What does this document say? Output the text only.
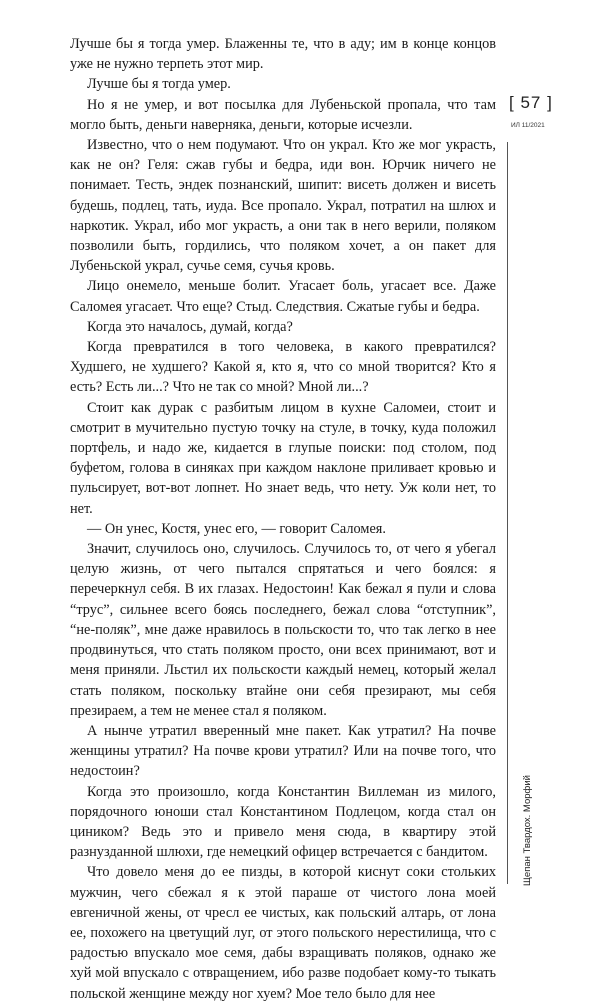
Лучше бы я тогда умер. Блаженны те, что в аду; им в конце концов уже не нужно терпеть этот мир.

Лучше бы я тогда умер.

Но я не умер, и вот посылка для Лубеньской пропала, что там могло быть, деньги наверняка, деньги, которые исчезли.

Известно, что о нем подумают. Что он украл. Кто же мог украсть, как не он? Геля: сжав губы и бедра, иди вон. Юрчик ничего не понимает. Тесть, эндек познанский, шипит: висеть должен и висеть будешь, подлец, тать, иуда. Все пропало. Украл, потратил на шлюх и наркотик. Украл, ибо мог украсть, а они так в него верили, поляком позволили быть, гордились, что поляком хочет, а он пакет для Лубеньской украл, сучье семя, сучья кровь.

Лицо онемело, меньше болит. Угасает боль, угасает все. Даже Саломея угасает. Что еще? Стыд. Следствия. Сжатые губы и бедра.

Когда это началось, думай, когда?

Когда превратился в того человека, в какого превратился? Худшего, не худшего? Какой я, кто я, что со мной творится? Кто я есть? Есть ли...? Что не так со мной? Мной ли...?

Стоит как дурак с разбитым лицом в кухне Саломеи, стоит и смотрит в мучительно пустую точку на стуле, в точку, куда положил портфель, и надо же, кидается в глупые поиски: под столом, под буфетом, голова в синяках при каждом наклоне приливает кровью и пульсирует, вот-вот лопнет. Но знает ведь, что нету. Уж коли нет, то нет.

— Он унес, Костя, унес его, — говорит Саломея.

Значит, случилось оно, случилось. Случилось то, от чего я убегал целую жизнь, от чего пытался спрятаться и чего боялся: я перечеркнул себя. В их глазах. Недостоин! Как бежал я пули и слова “трус”, сильнее всего боясь последнего, бежал слова “отступник”, “не-поляк”, мне даже нравилось в польскости то, что так легко в нее продвинуться, что стать поляком просто, они всех принимают, вот и меня приняли. Льстил их польскости каждый немец, который желал стать поляком, поскольку втайне они себя презирают, мы себя презираем, а тем не менее стал я поляком.

А нынче утратил вверенный мне пакет. Как утратил? На почве женщины утратил? На почве крови утратил? Или на почве того, что недостоин?

Когда это произошло, когда Константин Виллеман из милого, порядочного юноши стал Константином Подлецом, когда стал он циником? Ведь это и привело меня сюда, в квартиру этой разнузданной шлюхи, где немецкий офицер встречается с бандитом.

Что довело меня до ее пизды, в которой киснут соки стольких мужчин, чего сбежал я к этой параше от чистого лона моей евгеничной жены, от чресл ее чистых, как польский алтарь, от лона ее, похожего на цветущий луг, от этого польского нерестилища, что с радостью впускало мое семя, дабы взращивать поляков, однако же хуй мой впускало с отвращением, ибо разве подобает кому-то тыкать польской женщине между ног хуем? Мое тело было для нее

[ 57 ]
ИЛ 11/2021
Щепан Твардох. Морфий
